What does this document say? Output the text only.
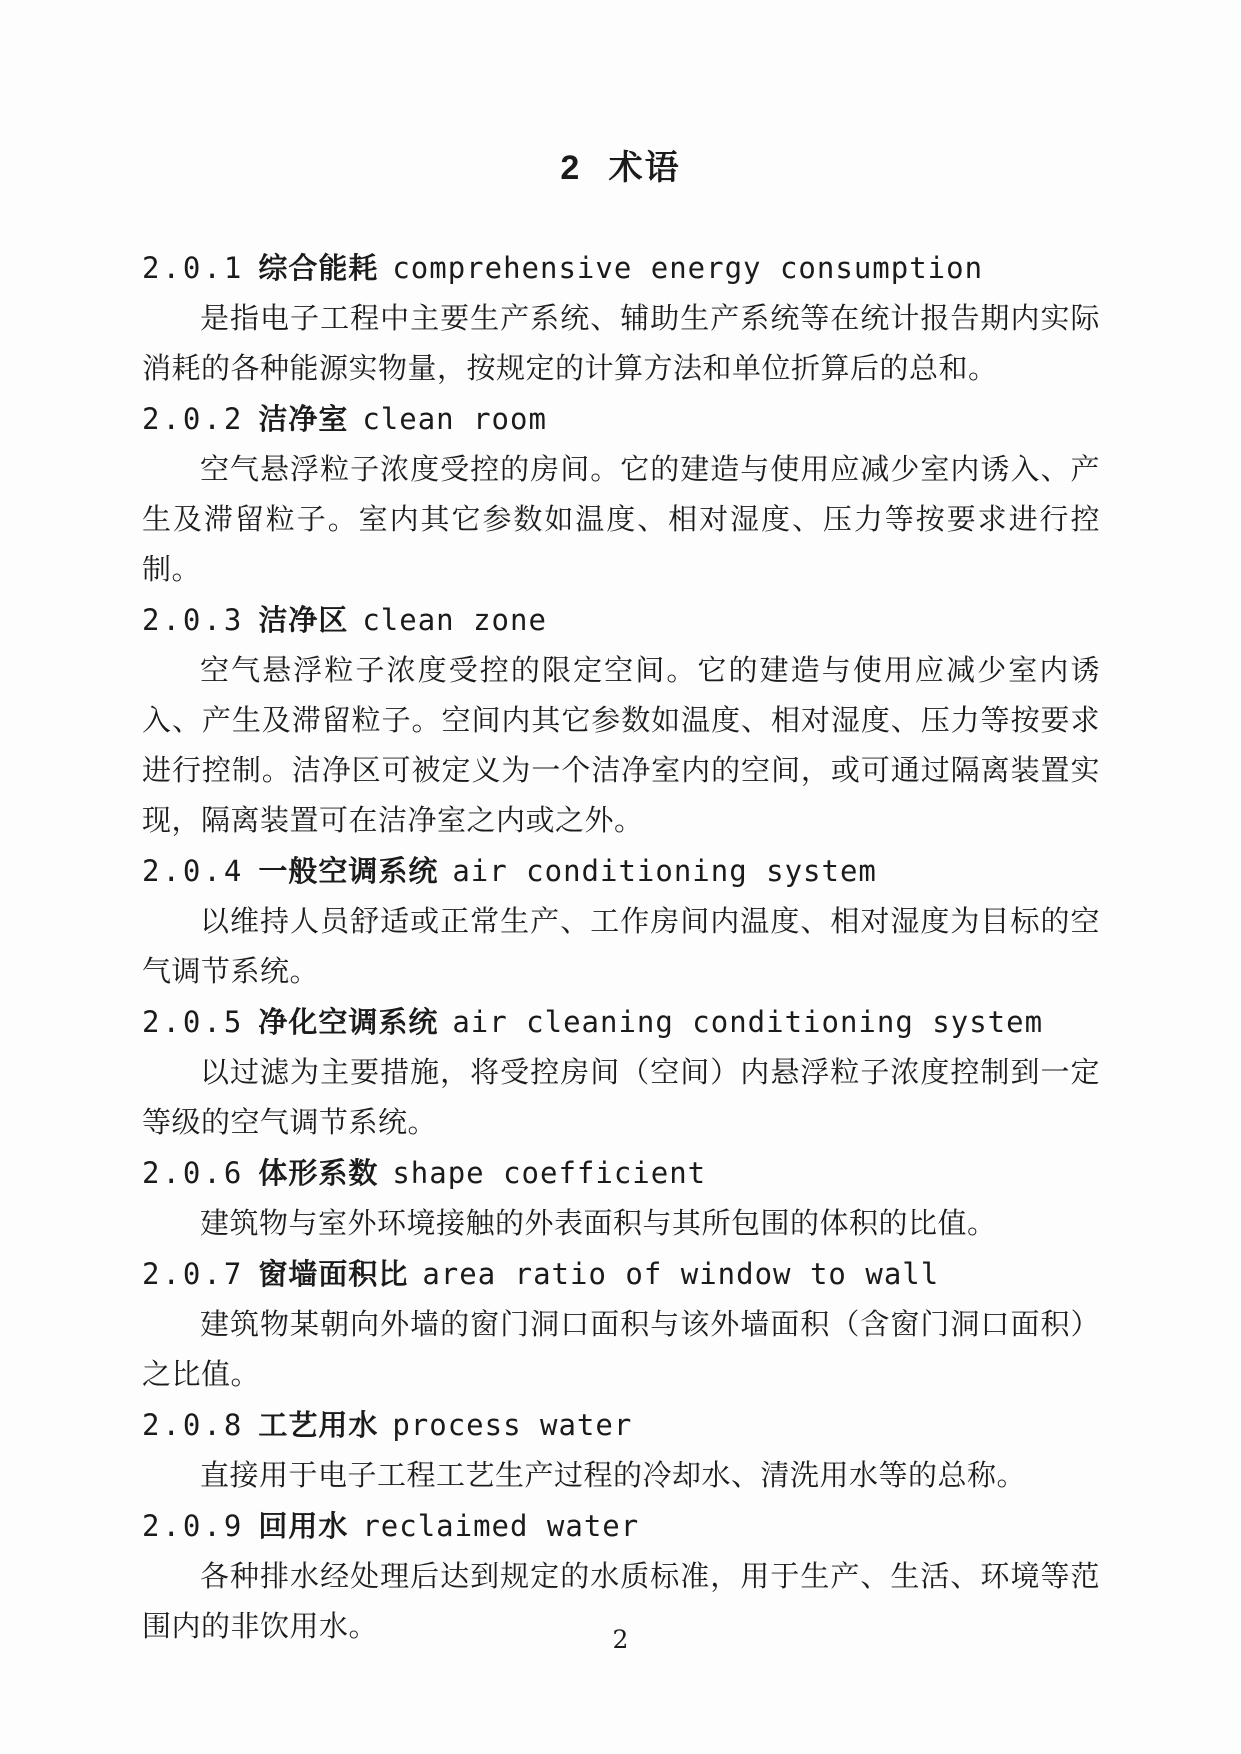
2 术语
2.0.1 综合能耗 comprehensive energy consumption

是指电子工程中主要生产系统、辅助生产系统等在统计报告期内实际消耗的各种能源实物量，按规定的计算方法和单位折算后的总和。

2.0.2 洁净室 clean room

空气悬浮粒子浓度受控的房间。它的建造与使用应减少室内诱入、产生及滞留粒子。室内其它参数如温度、相对湿度、压力等按要求进行控制。

2.0.3 洁净区 clean zone

空气悬浮粒子浓度受控的限定空间。它的建造与使用应减少室内诱入、产生及滞留粒子。空间内其它参数如温度、相对湿度、压力等按要求进行控制。洁净区可被定义为一个洁净室内的空间，或可通过隔离装置实现，隔离装置可在洁净室之内或之外。

2.0.4 一般空调系统 air conditioning system

以维持人员舒适或正常生产、工作房间内温度、相对湿度为目标的空气调节系统。

2.0.5 净化空调系统 air cleaning conditioning system

以过滤为主要措施，将受控房间（空间）内悬浮粒子浓度控制到一定等级的空气调节系统。

2.0.6 体形系数 shape coefficient

建筑物与室外环境接触的外表面积与其所包围的体积的比值。

2.0.7 窗墙面积比 area ratio of window to wall

建筑物某朝向外墙的窗门洞口面积与该外墙面积（含窗门洞口面积）之比值。

2.0.8 工艺用水 process water

直接用于电子工程工艺生产过程的冷却水、清洗用水等的总称。

2.0.9 回用水 reclaimed water

各种排水经处理后达到规定的水质标准，用于生产、生活、环境等范围内的非饮用水。	2
